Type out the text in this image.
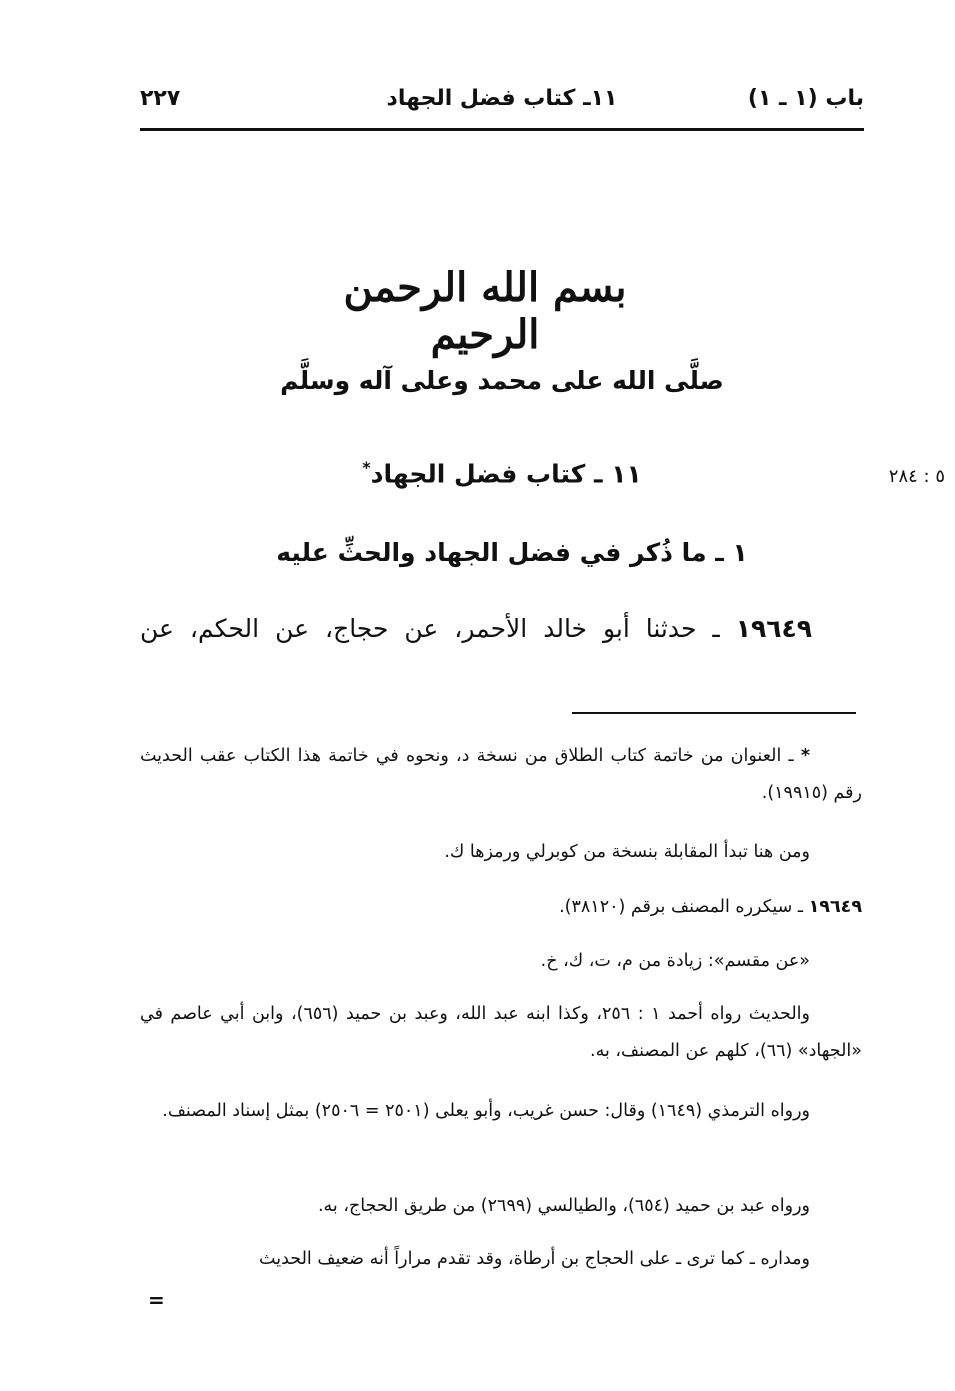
باب (١ ـ ١)
١١ـ كتاب فضل الجهاد
٢٢٧
بسم الله الرحمن الرحيم
صلَّى الله على محمد وعلى آله وسلَّم
١١ ـ كتاب فضل الجهاد*	٥ : ٢٨٤
١ ـ ما ذُكر في فضل الجهاد والحثِّ عليه
١٩٦٤٩ ـ حدثنا أبو خالد الأحمر، عن حجاج، عن الحكم، عن
* ـ العنوان من خاتمة كتاب الطلاق من نسخة د، ونحوه في خاتمة هذا الكتاب عقب الحديث رقم (١٩٩١٥).
ومن هنا تبدأ المقابلة بنسخة من كوبرلي ورمزها ك.
١٩٦٤٩ ـ سيكرره المصنف برقم (٣٨١٢٠).
«عن مقسم»: زيادة من م، ت، ك، خ.
والحديث رواه أحمد ١ : ٢٥٦، وكذا ابنه عبد الله، وعبد بن حميد (٦٥٦)، وابن أبي عاصم في «الجهاد» (٦٦)، كلهم عن المصنف، به.
ورواه الترمذي (١٦٤٩) وقال: حسن غريب، وأبو يعلى (٢٥٠١ = ٢٥٠٦) بمثل إسناد المصنف.
ورواه عبد بن حميد (٦٥٤)، والطيالسي (٢٦٩٩) من طريق الحجاج، به.
ومداره ـ كما ترى ـ على الحجاج بن أرطاة، وقد تقدم مراراً أنه ضعيف الحديث
=
